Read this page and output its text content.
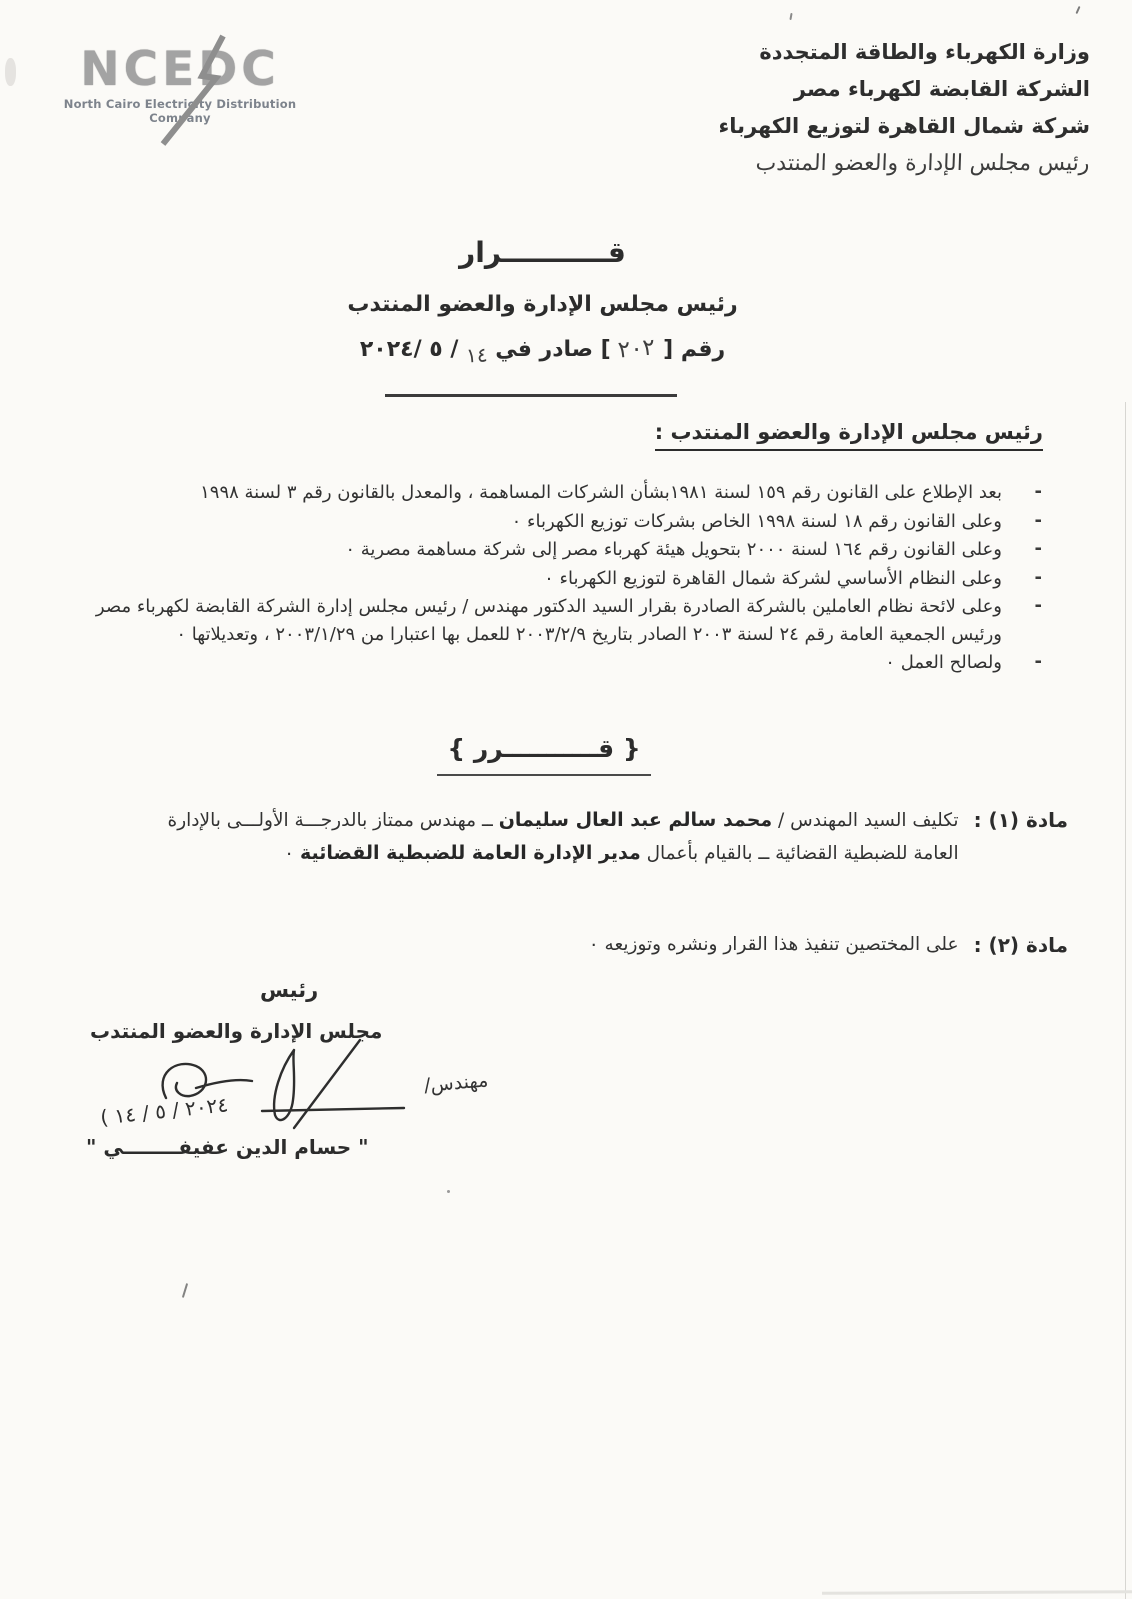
وزارة الكهرباء والطاقة المتجددة
الشركة القابضة لكهرباء مصر
شركة شمال القاهرة لتوزيع الكهرباء
رئيس مجلس الإدارة والعضو المنتدب
NCEDC
North Cairo Electricity Distribution Company
قـــــــــــرار
رئيس مجلس الإدارة والعضو المنتدب
رقم [ ٢٠٢ ] صادر في ١٤ / ٥ /٢٠٢٤
رئيس مجلس الإدارة والعضو المنتدب :
- بعد الإطلاع على القانون رقم ١٥٩ لسنة ١٩٨١بشأن الشركات المساهمة ، والمعدل بالقانون رقم ٣ لسنة ١٩٩٨
- وعلى القانون رقم ١٨ لسنة ١٩٩٨ الخاص بشركات توزيع الكهرباء ٠
- وعلى القانون رقم ١٦٤ لسنة ٢٠٠٠ بتحويل هيئة كهرباء مصر إلى شركة مساهمة مصرية ٠
- وعلى النظام الأساسي لشركة شمال القاهرة لتوزيع الكهرباء ٠
- وعلى لائحة نظام العاملين بالشركة الصادرة بقرار السيد الدكتور مهندس / رئيس مجلس إدارة الشركة القابضة لكهرباء مصر ورئيس الجمعية العامة رقم ٢٤ لسنة ٢٠٠٣ الصادر بتاريخ ٢٠٠٣/٢/٩ للعمل بها اعتبارا من ٢٠٠٣/١/٢٩ ، وتعديلاتها ٠
- ولصالح العمل ٠
{ قـــــــــــرر }
مادة (١) :
تكليف السيد المهندس / محمد سالم عبد العال سليمان ــ مهندس ممتاز بالدرجـــة الأولـــى بالإدارة العامة للضبطية القضائية ــ بالقيام بأعمال مدير الإدارة العامة للضبطية القضائية ٠
مادة (٢) :
على المختصين تنفيذ هذا القرار ونشره وتوزيعه ٠
رئيس
مجلس الإدارة والعضو المنتدب
مهندس/
( ٢٠٢٤ / ٥ / ١٤
" حسام الدين عفيفــــــــي "
